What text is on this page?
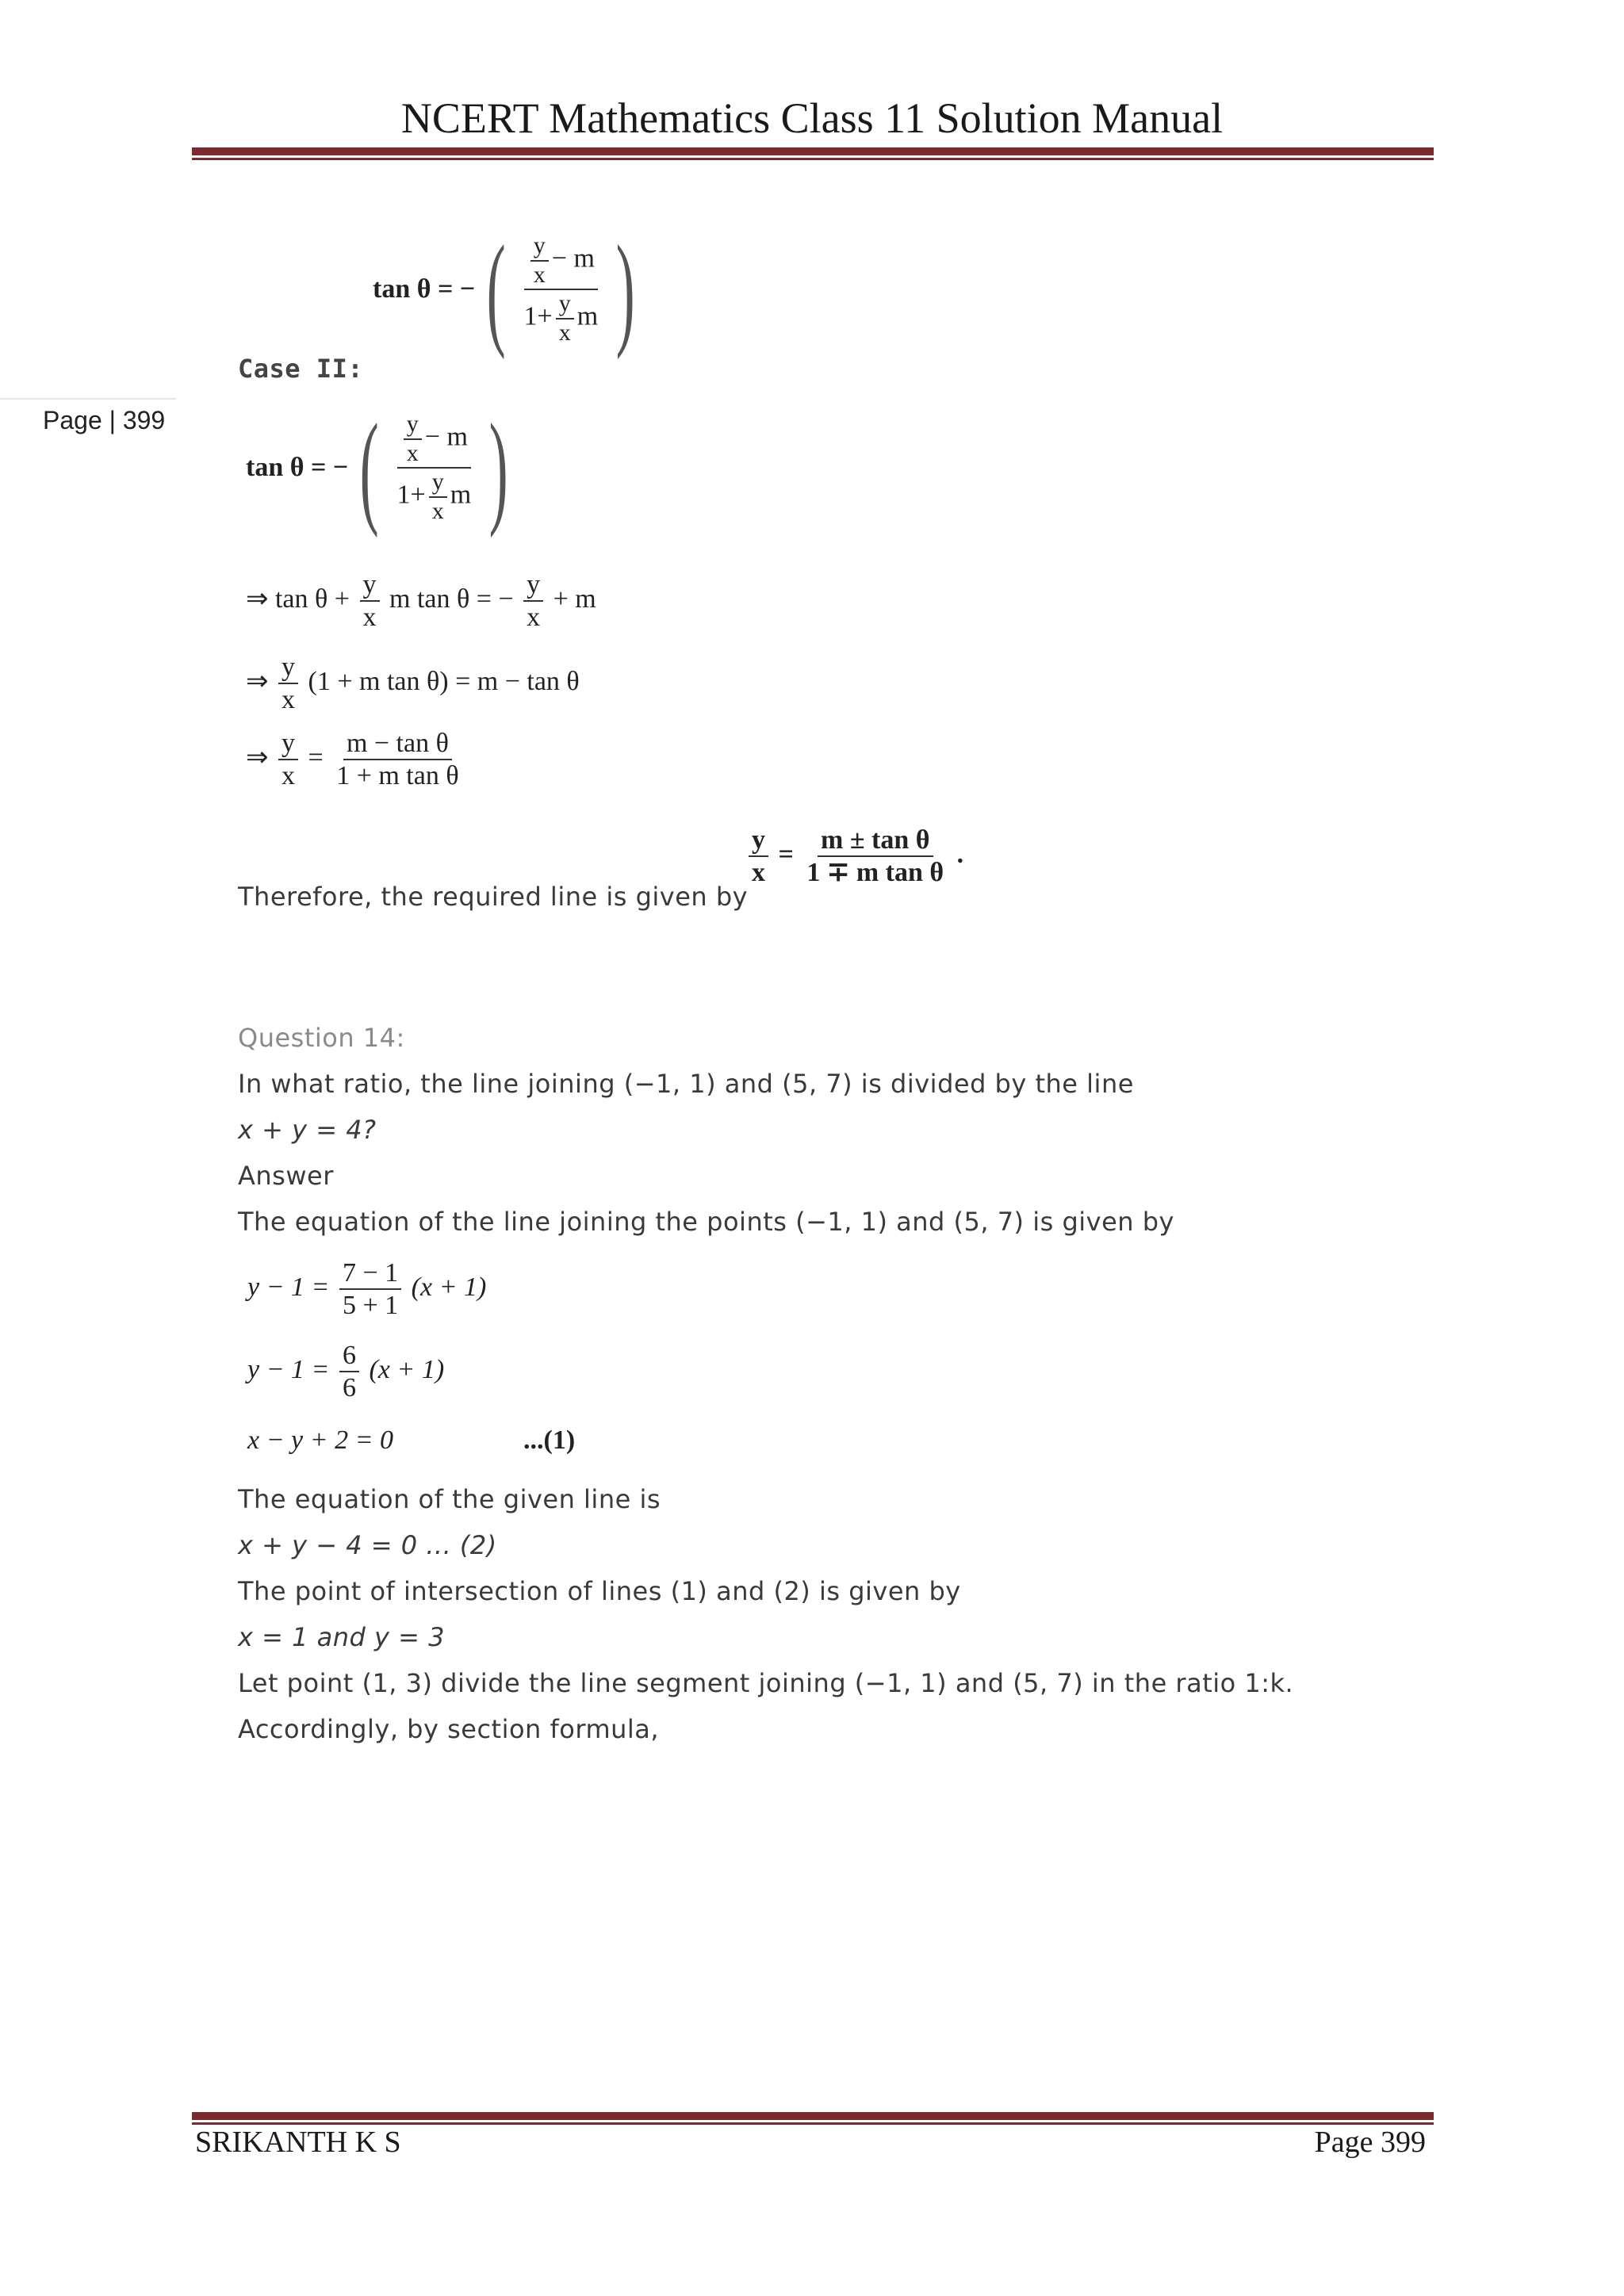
NCERT Mathematics Class 11 Solution Manual
Page | 399
tan θ = − ( $\frac{\frac{y}{x} - m}{1+ \frac{y}{x} m}$ )
Case II:
tan θ = − ( $\frac{\frac{y}{x} - m}{1+ \frac{y}{x} m}$ )
⇒ $\tan \theta + \frac{y}{x}$ m tan θ = − $\frac{y}{x} + m$
⇒ $\frac{y}{x} (1 + m$ tan θ) = m − tan θ
⇒ $\frac{y}{x} = \frac{\text{m − tan θ}}{\text{1 + m tan θ}}$
Therefore, the required line is given by
$\frac{y}{x} = \frac{\text{m ± tan θ}}{\text{1 ∓ m tan θ}}$ .
Question 14:
In what ratio, the line joining (−1, 1) and (5, 7) is divided by the line
x + y = 4?
Answer
The equation of the line joining the points (−1, 1) and (5, 7) is given by
$y - 1 = \frac{7 - 1}{5 + 1} (x + 1)$
$y - 1 = \frac{6}{6} (x + 1)$
x − y + 2 = 0	...(1)
The equation of the given line is
x + y − 4 = 0 ... (2)
The point of intersection of lines (1) and (2) is given by
x = 1 and y = 3
Let point (1, 3) divide the line segment joining (−1, 1) and (5, 7) in the ratio 1:k.
Accordingly, by section formula,
SRIKANTH K S	Page 399
